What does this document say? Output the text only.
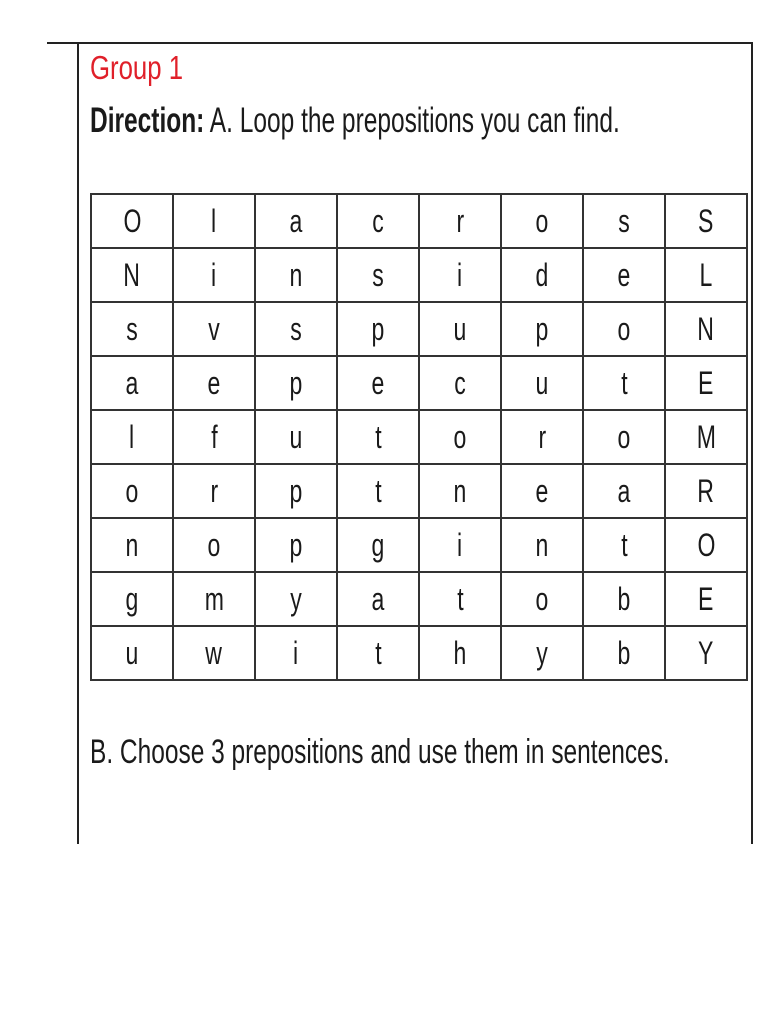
Group 1
Direction: A. Loop the prepositions you can find.
O	l	a	c	r	o	s	S
N	i	n	s	i	d	e	L
s	v	s	p	u	p	o	N
a	e	p	e	c	u	t	E
l	f	u	t	o	r	o	M
o	r	p	t	n	e	a	R
n	o	p	g	i	n	t	O
g	m	y	a	t	o	b	E
u	w	i	t	h	y	b	Y
B. Choose 3 prepositions and use them in sentences.
